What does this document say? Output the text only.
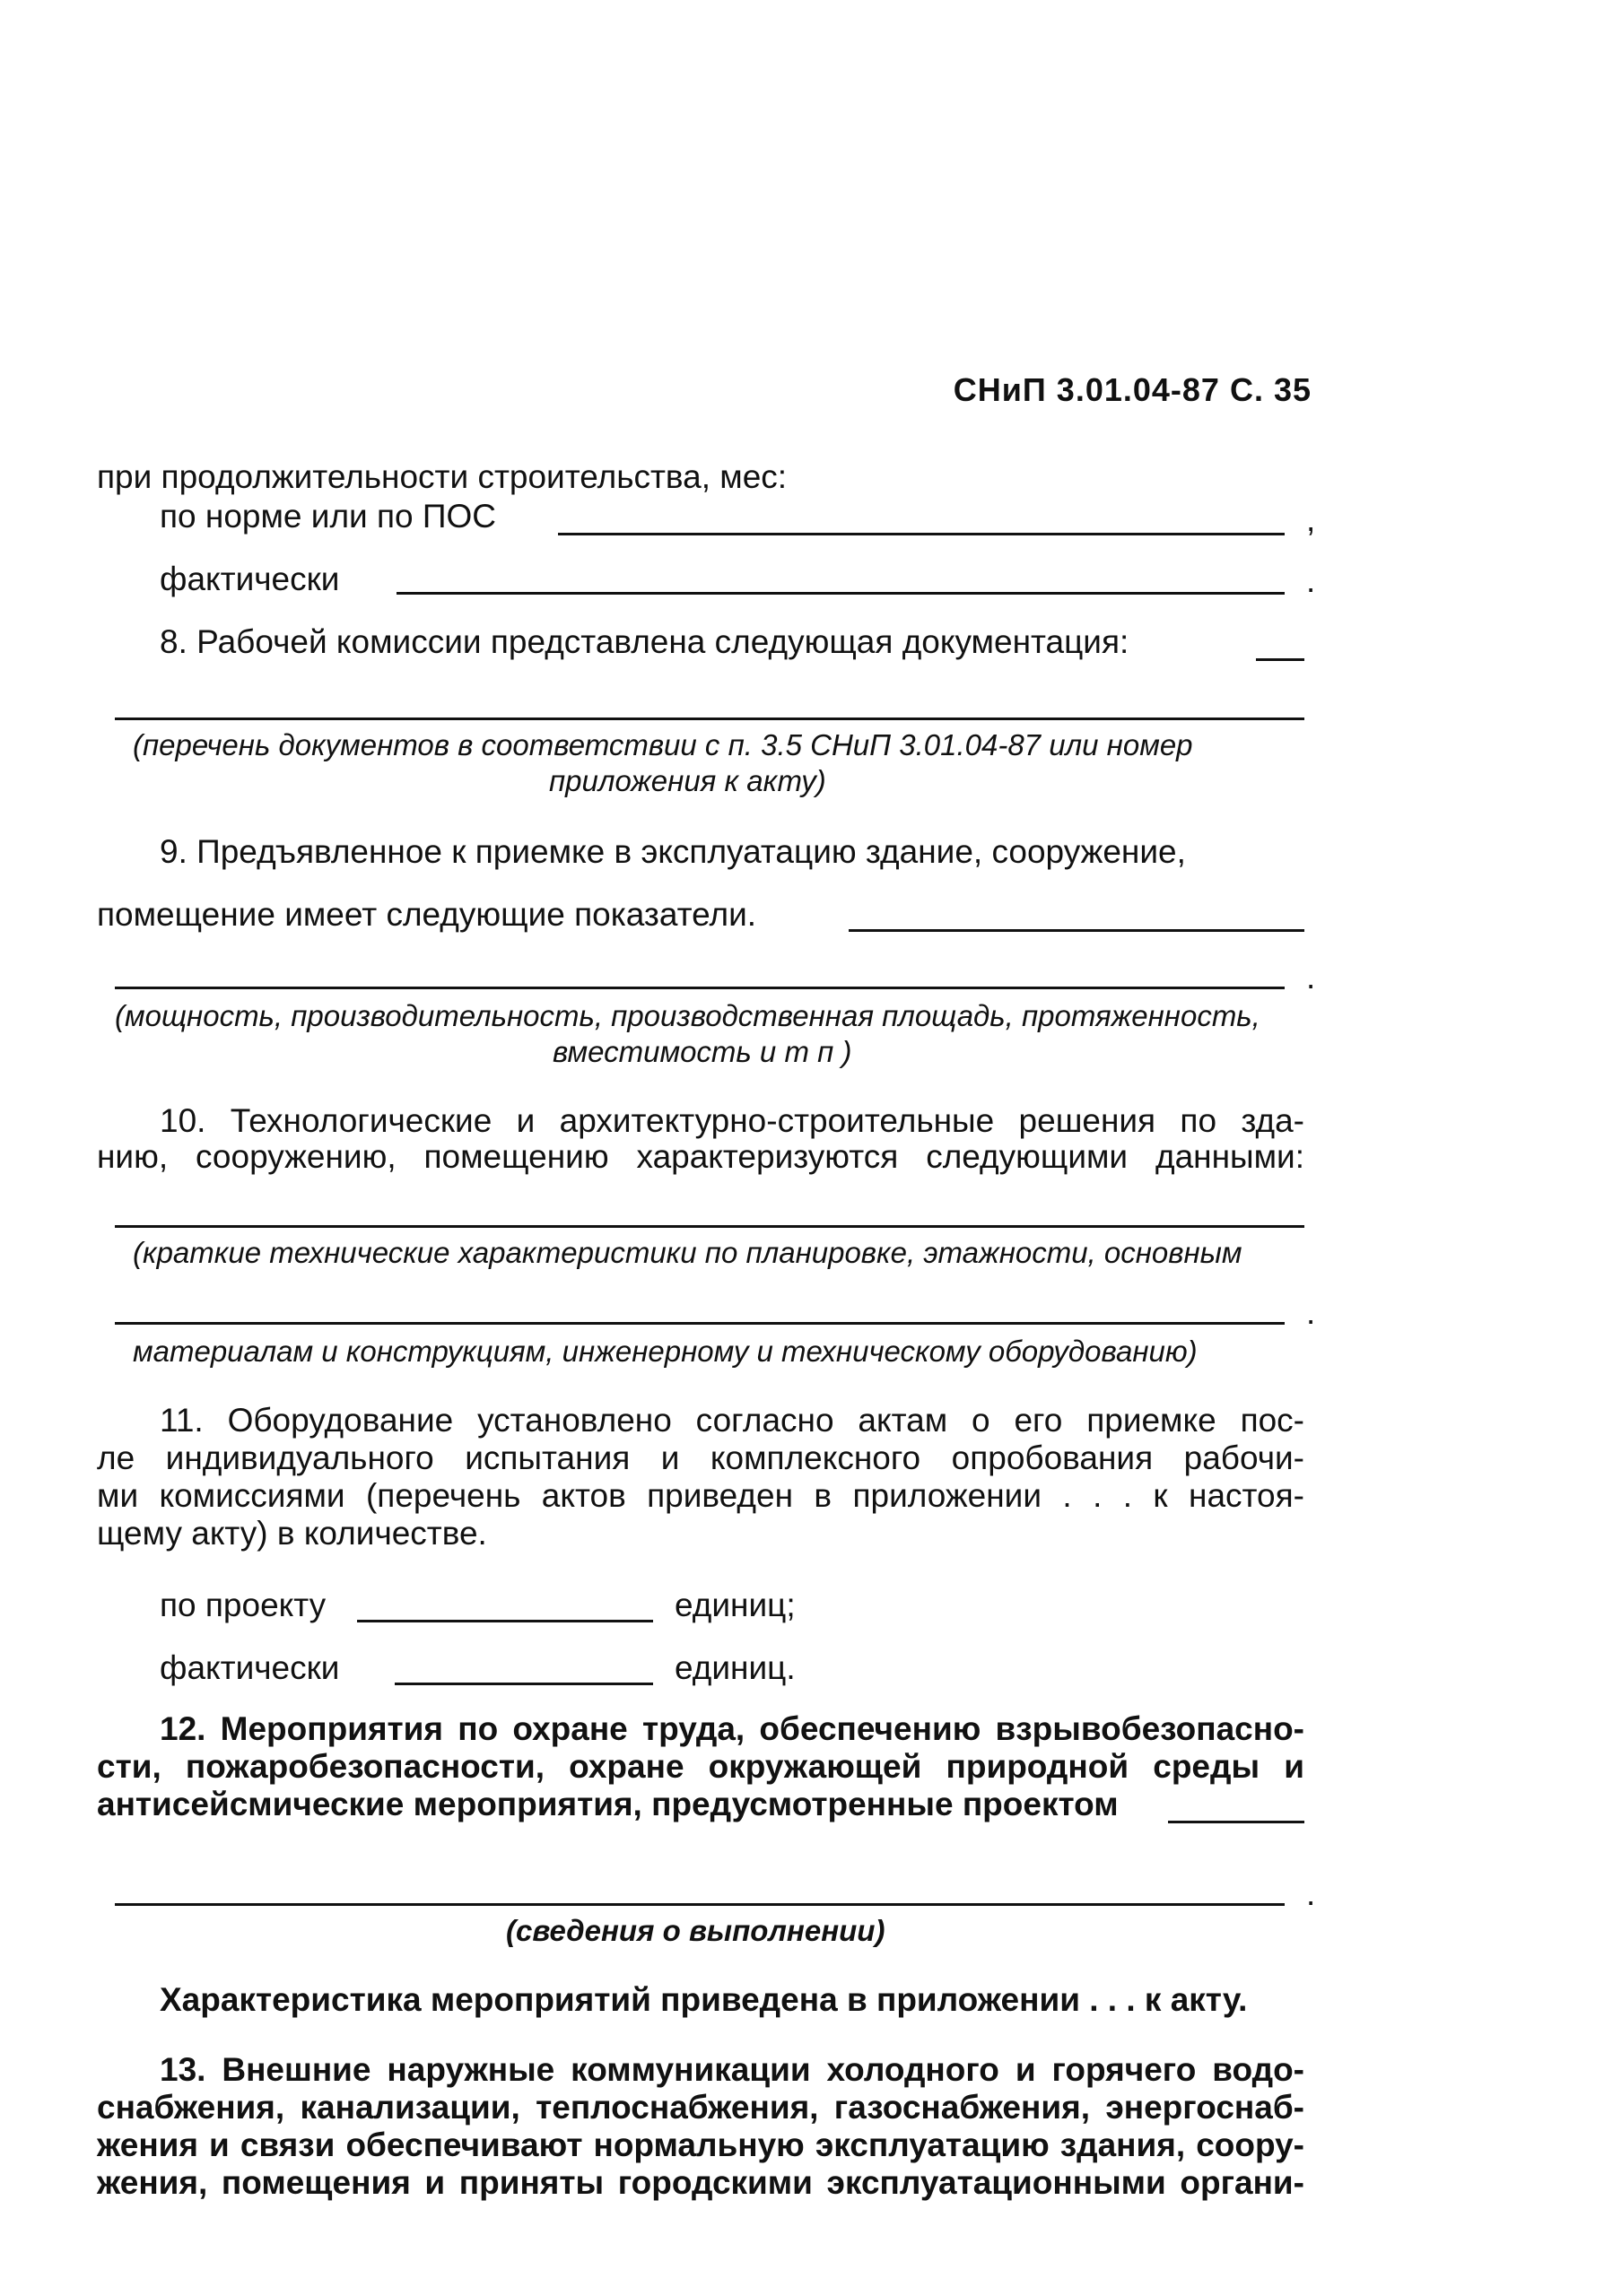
СНиП 3.01.04-87 С. 35
при продолжительности строительства, мес:
по норме или по ПОС	,
фактически	.
8. Рабочей комиссии представлена следующая документация:
(перечень документов в соответствии с п. 3.5 СНиП 3.01.04-87 или номер
приложения к акту)
9. Предъявленное к приемке в эксплуатацию здание, сооружение,
помещение имеет следующие показатели.
.
(мощность, производительность, производственная площадь, протяженность,
вместимость и т п )
10. Технологические и архитектурно-строительные решения по зда-
нию, сооружению, помещению характеризуются следующими данными:
(краткие технические характеристики по планировке, этажности, основным
.
материалам и конструкциям, инженерному и техническому оборудованию)
11. Оборудование установлено согласно актам о его приемке пос-
ле индивидуального испытания и комплексного опробования рабочи-
ми комиссиями (перечень актов приведен в приложении . . . к настоя-
щему акту) в количестве.
по проекту	единиц;
фактически	единиц.
12. Мероприятия по охране труда, обеспечению взрывобезопасно-
сти, пожаробезопасности, охране окружающей природной среды и
антисейсмические мероприятия, предусмотренные проектом
.
(сведения о выполнении)
Характеристика мероприятий приведена в приложении . . . к акту.
13. Внешние наружные коммуникации холодного и горячего водо-
снабжения, канализации, теплоснабжения, газоснабжения, энергоснаб-
жения и связи обеспечивают нормальную эксплуатацию здания, соору-
жения, помещения и приняты городскими эксплуатационными органи-
